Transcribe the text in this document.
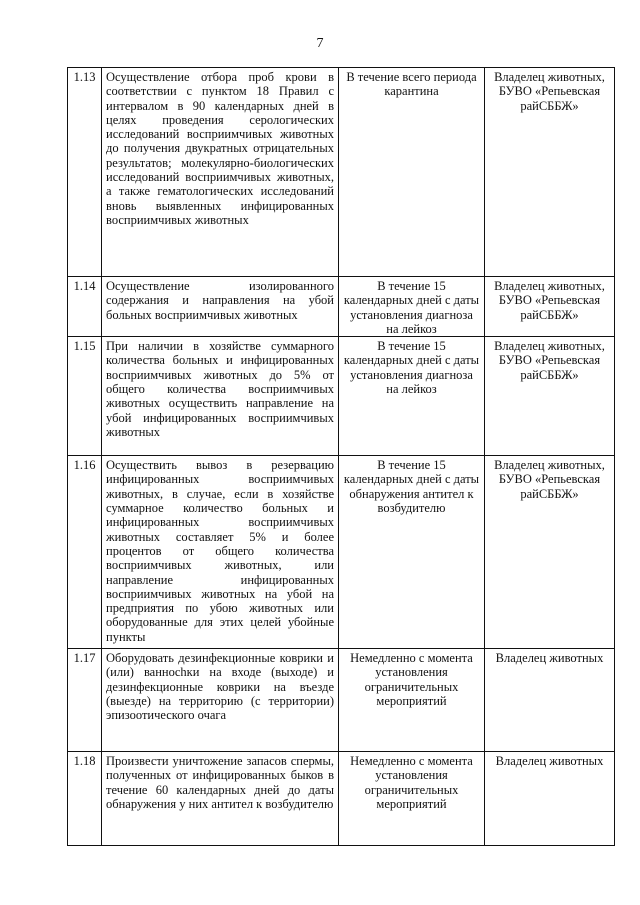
7
1.13	Осуществление отбора проб крови в соответствии с пунктом 18 Правил с интервалом в 90 календарных дней в целях проведения серологических исследований восприимчивых животных до получения двукратных отрицательных результатов; молекулярно-биологических исследований восприимчивых животных, а также гематологических исследований вновь выявленных инфицированных восприимчивых животных	В течение всего периода карантина	Владелец животных, БУВО «Репьевская райСББЖ»
1.14	Осуществление изолированного содержания и направления на убой больных восприимчивых животных	В течение 15 календарных дней с даты установления диагноза на лейкоз	Владелец животных, БУВО «Репьевская райСББЖ»
1.15	При наличии в хозяйстве суммарного количества больных и инфицированных восприимчивых животных до 5% от общего количества восприимчивых животных осуществить направление на убой инфицированных восприимчивых животных	В течение 15 календарных дней с даты установления диагноза на лейкоз	Владелец животных, БУВО «Репьевская райСББЖ»
1.16	Осуществить вывоз в резервацию инфицированных восприимчивых животных, в случае, если в хозяйстве суммарное количество больных и инфицированных восприимчивых животных составляет 5% и более процентов от общего количества восприимчивых животных, или направление инфицированных восприимчивых животных на убой на предприятия по убою животных или оборудованные для этих целей убойные пункты	В течение 15 календарных дней с даты обнаружения антител к возбудителю	Владелец животных, БУВО «Репьевская райСББЖ»
1.17	Оборудовать дезинфекционные коврики и (или) ваннochки на входе (выходе) и дезинфекционные коврики на въезде (выезде) на территорию (с территории) эпизоотического очага	Немедленно с момента установления ограничительных мероприятий	Владелец животных
1.18	Произвести уничтожение запасов спермы, полученных от инфицированных быков в течение 60 календарных дней до даты обнаружения у них антител к возбудителю	Немедленно с момента установления ограничительных мероприятий	Владелец животных
